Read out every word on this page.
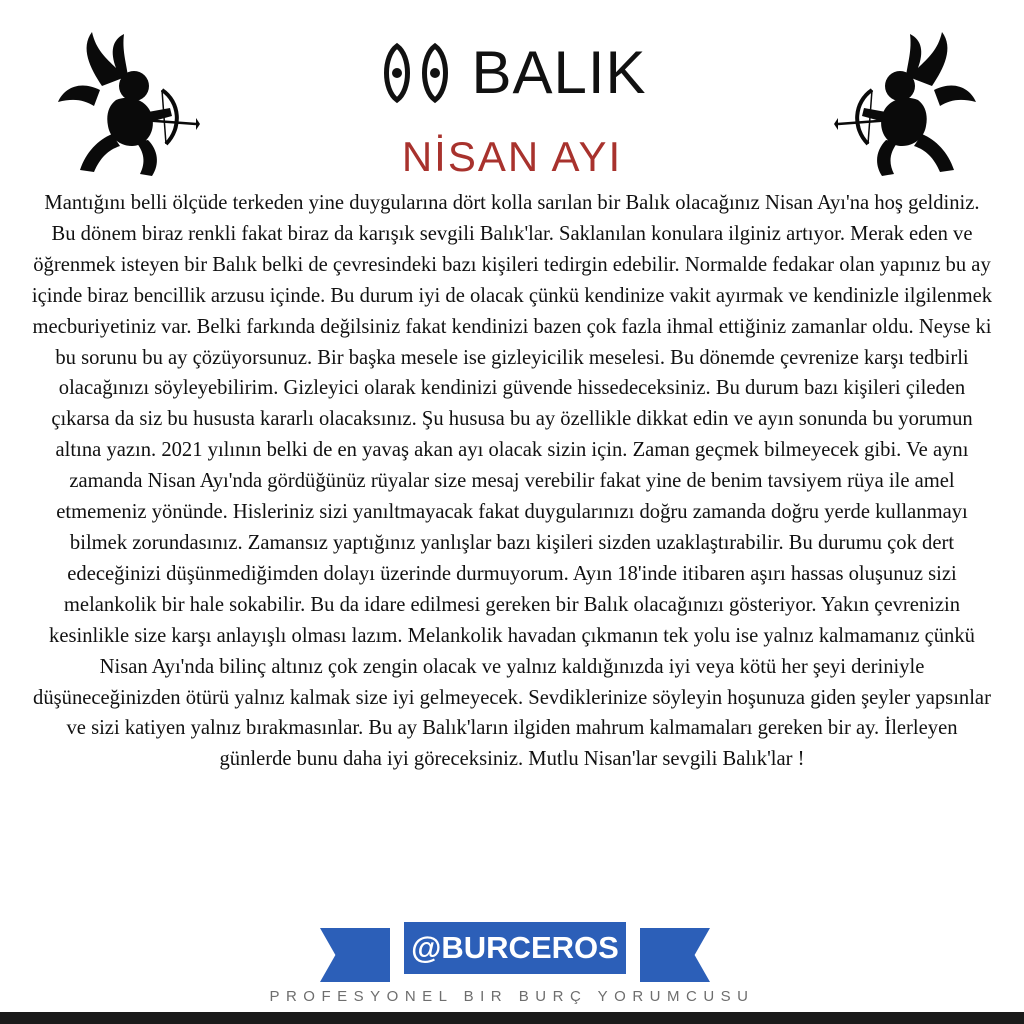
BALIK
NİSAN AYI

Mantığını belli ölçüde terkeden yine duygularına dört kolla sarılan bir Balık olacağınız Nisan Ayı'na hoş geldiniz. Bu dönem biraz renkli fakat biraz da karışık sevgili Balık'lar. Saklanılan konulara ilginiz artıyor. Merak eden ve öğrenmek isteyen bir Balık belki de çevresindeki bazı kişileri tedirgin edebilir. Normalde fedakar olan yapınız bu ay içinde biraz bencillik arzusu içinde. Bu durum iyi de olacak çünkü kendinize vakit ayırmak ve kendinizle ilgilenmek mecburiyetiniz var. Belki farkında değilsiniz fakat kendinizi bazen çok fazla ihmal ettiğiniz zamanlar oldu. Neyse ki bu sorunu bu ay çözüyorsunuz. Bir başka mesele ise gizleyicilik meselesi. Bu dönemde çevrenize karşı tedbirli olacağınızı söyleyebilirim. Gizleyici olarak kendinizi güvende hissedeceksiniz. Bu durum bazı kişileri çileden çıkarsa da siz bu hususta kararlı olacaksınız. Şu hususa bu ay özellikle dikkat edin ve ayın sonunda bu yorumun altına yazın. 2021 yılının belki de en yavaş akan ayı olacak sizin için. Zaman geçmek bilmeyecek gibi. Ve aynı zamanda Nisan Ayı'nda gördüğünüz rüyalar size mesaj verebilir fakat yine de benim tavsiyem rüya ile amel etmemeniz yönünde. Hisleriniz sizi yanıltmayacak fakat duygularınızı doğru zamanda doğru yerde kullanmayı bilmek zorundasınız. Zamansız yaptığınız yanlışlar bazı kişileri sizden uzaklaştırabilir. Bu durumu çok dert edeceğinizi düşünmediğimden dolayı üzerinde durmuyorum. Ayın 18'inde itibaren aşırı hassas oluşunuz sizi melankolik bir hale sokabilir. Bu da idare edilmesi gereken bir Balık olacağınızı gösteriyor. Yakın çevrenizin kesinlikle size karşı anlayışlı olması lazım. Melankolik havadan çıkmanın tek yolu ise yalnız kalmamanız çünkü Nisan Ayı'nda bilinç altınız çok zengin olacak ve yalnız kaldığınızda iyi veya kötü her şeyi deriniyle düşüneceğinizden ötürü yalnız kalmak size iyi gelmeyecek. Sevdiklerinize söyleyin hoşunuza giden şeyler yapsınlar ve sizi katiyen yalnız bırakmasınlar. Bu ay Balık'ların ilgiden mahrum kalmamaları gereken bir ay. İlerleyen günlerde bunu daha iyi göreceksiniz. Mutlu Nisan'lar sevgili Balık'lar !

@BURCEROS
PROFESYONEL BIR BURÇ YORUMCUSU
